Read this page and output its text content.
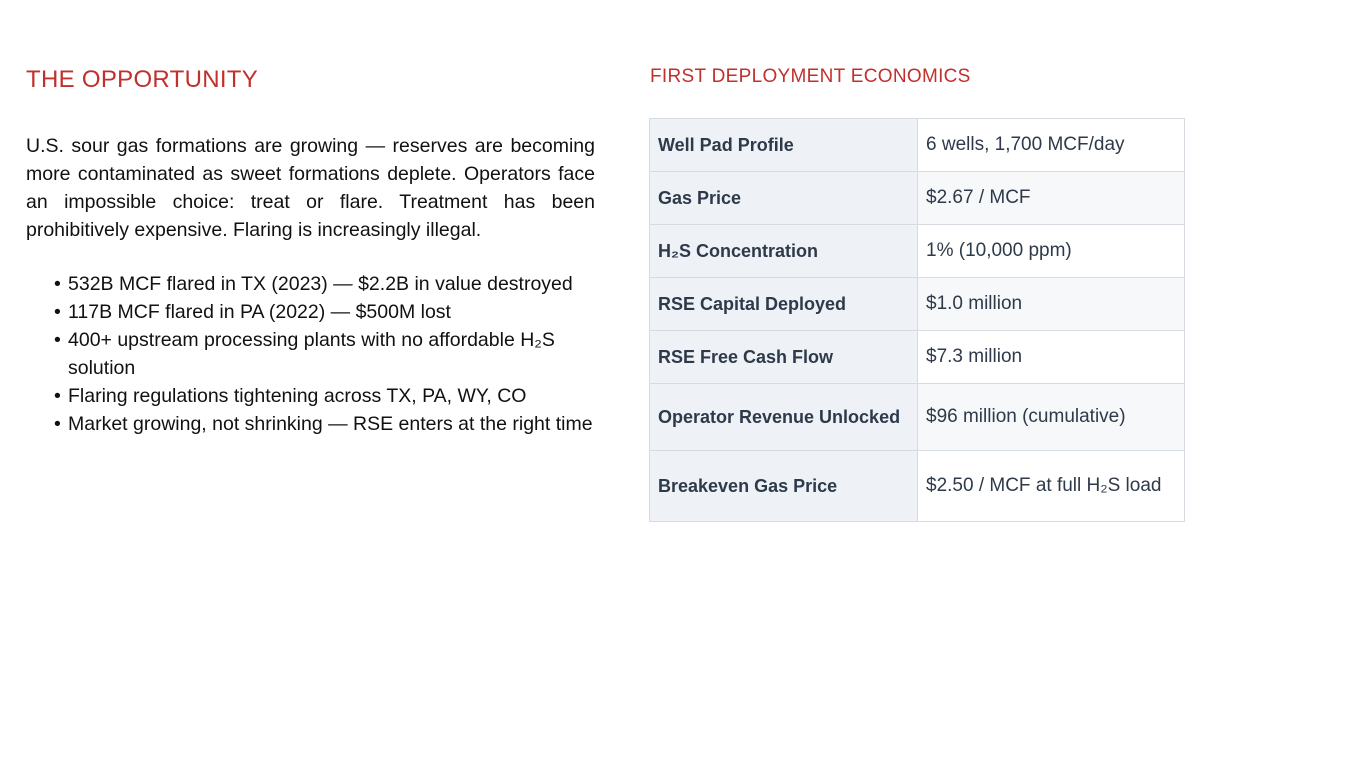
THE OPPORTUNITY

U.S. sour gas formations are growing — reserves are becoming more contaminated as sweet formations deplete. Operators face an impossible choice: treat or flare. Treatment has been prohibitively expensive. Flaring is increasingly illegal.

• 532B MCF flared in TX (2023) — $2.2B in value destroyed
• 117B MCF flared in PA (2022) — $500M lost
• 400+ upstream processing plants with no affordable H₂S solution
• Flaring regulations tightening across TX, PA, WY, CO
• Market growing, not shrinking — RSE enters at the right time
FIRST DEPLOYMENT ECONOMICS
Well Pad Profile	6 wells, 1,700 MCF/day
Gas Price	$2.67 / MCF
H₂S Concentration	1% (10,000 ppm)
RSE Capital Deployed	$1.0 million
RSE Free Cash Flow	$7.3 million
Operator Revenue Unlocked	$96 million (cumulative)
Breakeven Gas Price	$2.50 / MCF at full H₂S load
